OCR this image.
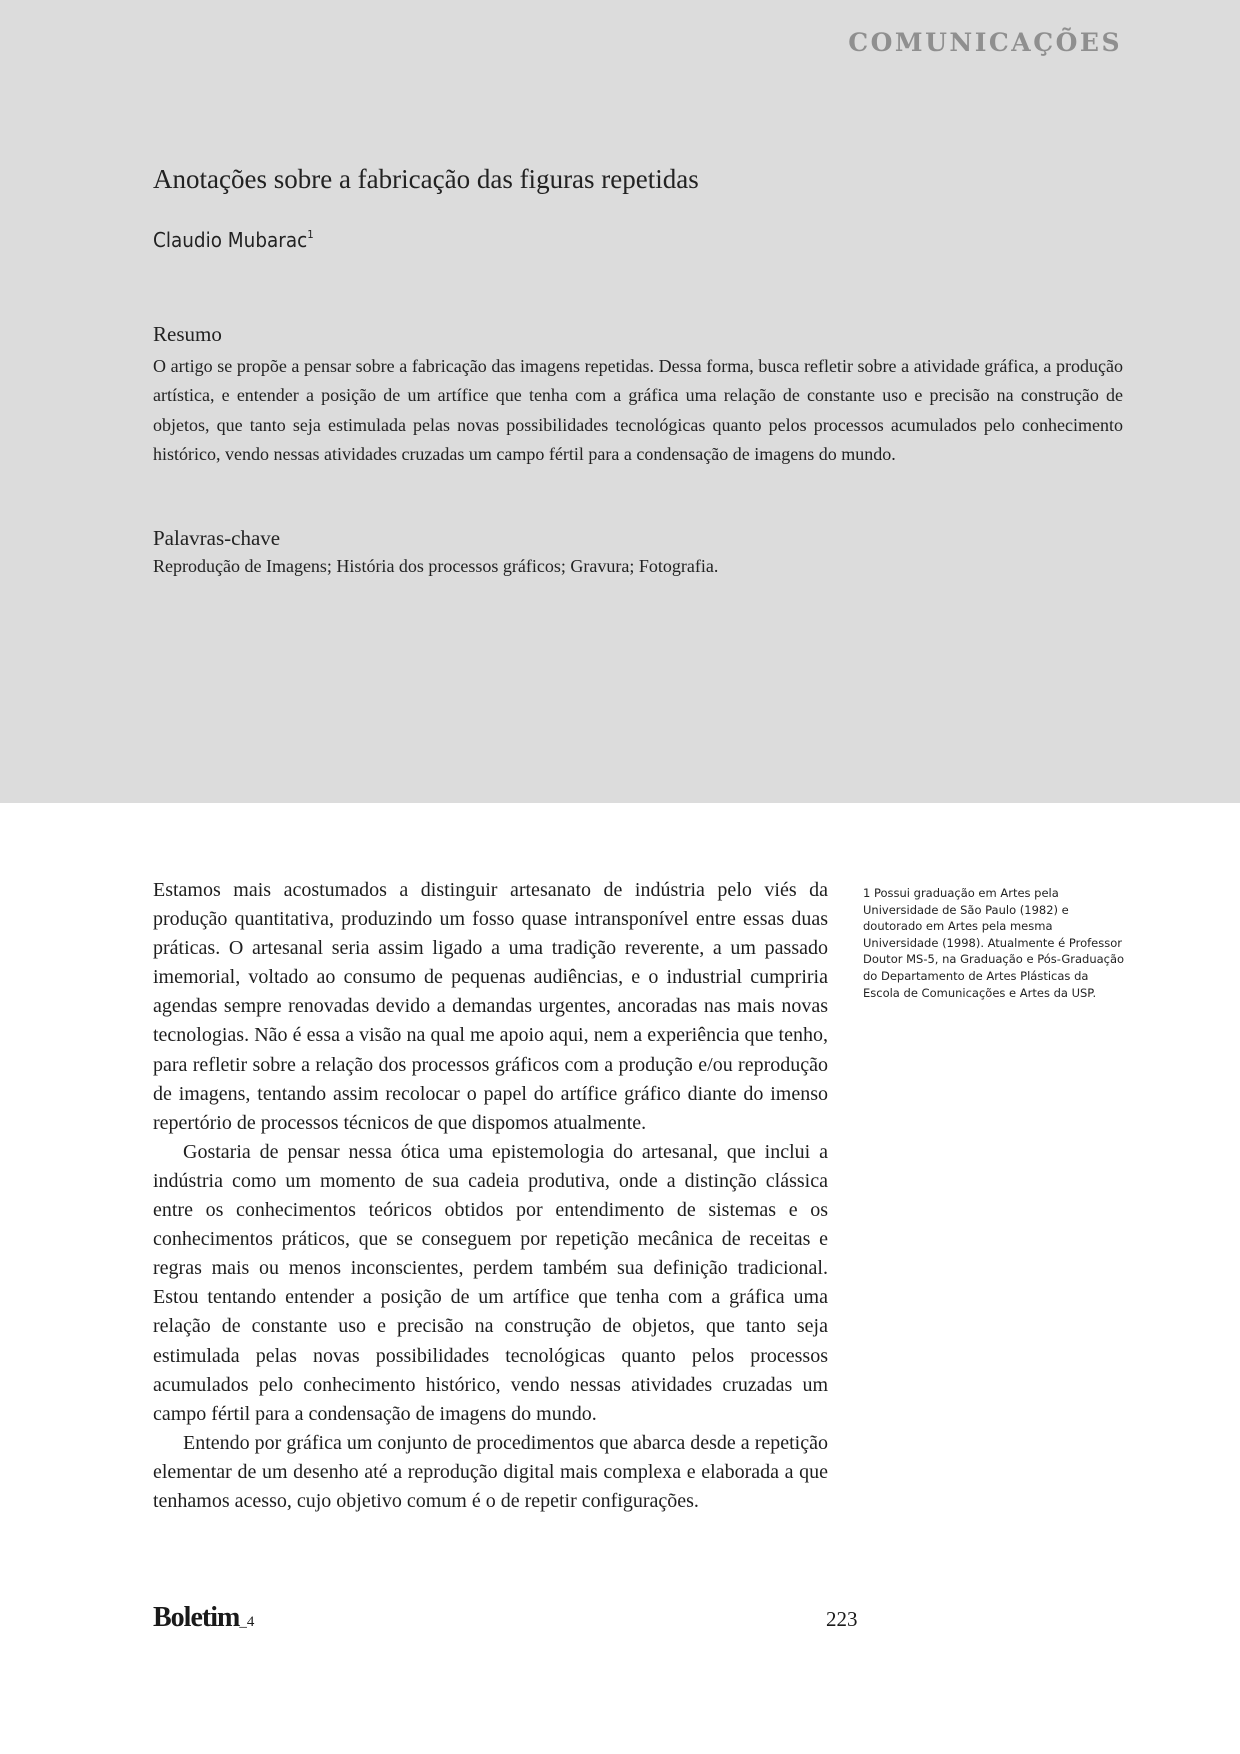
COMUNICAÇÕES
Anotações sobre a fabricação das figuras repetidas
Claudio Mubarac$^1$
Resumo

O artigo se propõe a pensar sobre a fabricação das imagens repetidas. Dessa forma, busca refletir sobre a atividade gráfica, a produção artística, e entender a posição de um artífice que tenha com a gráfica uma relação de constante uso e precisão na construção de objetos, que tanto seja estimulada pelas novas possibilidades tecnológicas quanto pelos processos acumulados pelo conhecimento histórico, vendo nessas atividades cruzadas um campo fértil para a condensação de imagens do mundo.

Palavras-chave

Reprodução de Imagens; História dos processos gráficos; Gravura; Fotografia.

Estamos mais acostumados a distinguir artesanato de indústria pelo viés da produção quantitativa, produzindo um fosso quase intransponível entre essas duas práticas. O artesanal seria assim ligado a uma tradição reverente, a um passado imemorial, voltado ao consumo de pequenas audiências, e o industrial cumpriria agendas sempre renovadas devido a demandas urgentes, ancoradas nas mais novas tecnologias. Não é essa a visão na qual me apoio aqui, nem a experiência que tenho, para refletir sobre a relação dos processos gráficos com a produção e/ou reprodução de imagens, tentando assim recolocar o papel do artífice gráfico diante do imenso repertório de processos técnicos de que dispomos atualmente.

Gostaria de pensar nessa ótica uma epistemologia do artesanal, que inclui a indústria como um momento de sua cadeia produtiva, onde a distinção clássica entre os conhecimentos teóricos obtidos por entendimento de sistemas e os conhecimentos práticos, que se conseguem por repetição mecânica de receitas e regras mais ou menos inconscientes, perdem também sua definição tradicional. Estou tentando entender a posição de um artífice que tenha com a gráfica uma relação de constante uso e precisão na construção de objetos, que tanto seja estimulada pelas novas possibilidades tecnológicas quanto pelos processos acumulados pelo conhecimento histórico, vendo nessas atividades cruzadas um campo fértil para a condensação de imagens do mundo.

Entendo por gráfica um conjunto de procedimentos que abarca desde a repetição elementar de um desenho até a reprodução digital mais complexa e elaborada a que tenhamos acesso, cujo objetivo comum é o de repetir configurações.

1 Possui graduação em Artes pela Universidade de São Paulo (1982) e doutorado em Artes pela mesma Universidade (1998). Atualmente é Professor Doutor MS-5, na Graduação e Pós-Graduação do Departamento de Artes Plásticas da Escola de Comunicações e Artes da USP.

Boletim_4	223
